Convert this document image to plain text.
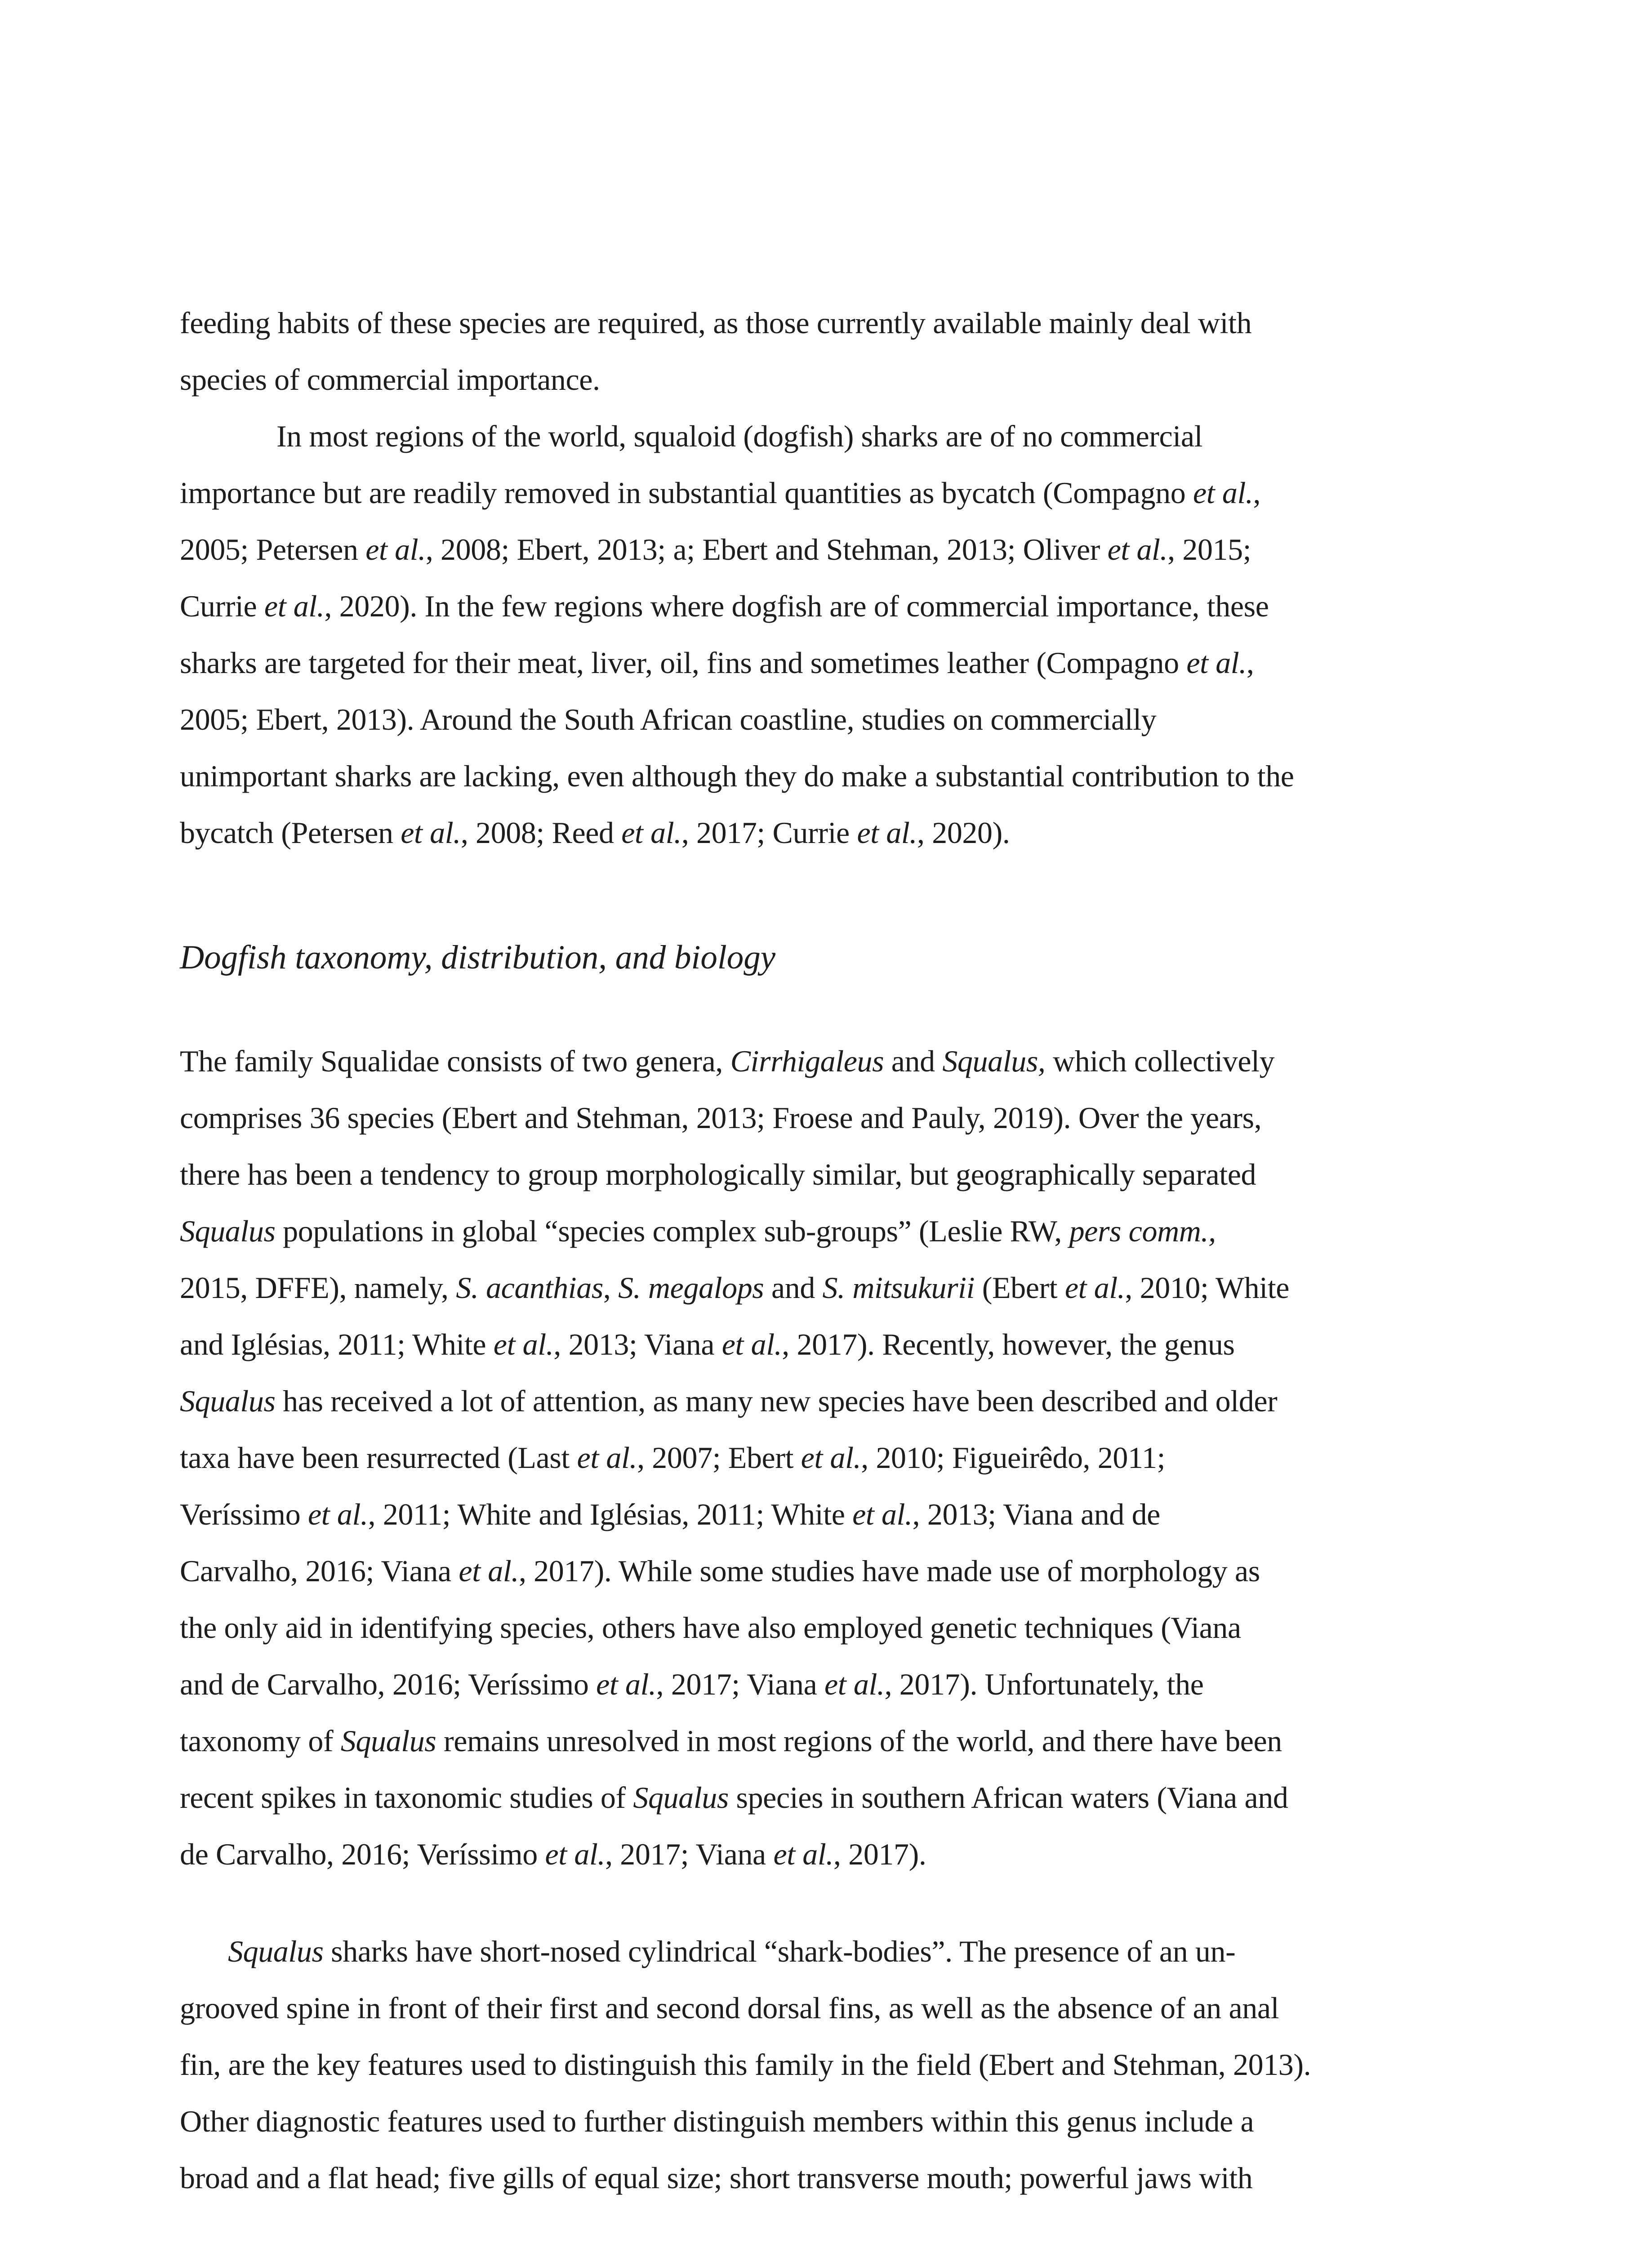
feeding habits of these species are required, as those currently available mainly deal with
species of commercial importance.

In most regions of the world, squaloid (dogfish) sharks are of no commercial
importance but are readily removed in substantial quantities as bycatch (Compagno et al.,
2005; Petersen et al., 2008; Ebert, 2013; a; Ebert and Stehman, 2013; Oliver et al., 2015;
Currie et al., 2020). In the few regions where dogfish are of commercial importance, these
sharks are targeted for their meat, liver, oil, fins and sometimes leather (Compagno et al.,
2005; Ebert, 2013). Around the South African coastline, studies on commercially
unimportant sharks are lacking, even although they do make a substantial contribution to the
bycatch (Petersen et al., 2008; Reed et al., 2017; Currie et al., 2020).

Dogfish taxonomy, distribution, and biology

The family Squalidae consists of two genera, Cirrhigaleus and Squalus, which collectively
comprises 36 species (Ebert and Stehman, 2013; Froese and Pauly, 2019). Over the years,
there has been a tendency to group morphologically similar, but geographically separated
Squalus populations in global “species complex sub-groups” (Leslie RW, pers comm.,
2015, DFFE), namely, S. acanthias, S. megalops and S. mitsukurii (Ebert et al., 2010; White
and Iglésias, 2011; White et al., 2013; Viana et al., 2017). Recently, however, the genus
Squalus has received a lot of attention, as many new species have been described and older
taxa have been resurrected (Last et al., 2007; Ebert et al., 2010; Figueirêdo, 2011;
Veríssimo et al., 2011; White and Iglésias, 2011; White et al., 2013; Viana and de
Carvalho, 2016; Viana et al., 2017). While some studies have made use of morphology as
the only aid in identifying species, others have also employed genetic techniques (Viana
and de Carvalho, 2016; Veríssimo et al., 2017; Viana et al., 2017). Unfortunately, the
taxonomy of Squalus remains unresolved in most regions of the world, and there have been
recent spikes in taxonomic studies of Squalus species in southern African waters (Viana and
de Carvalho, 2016; Veríssimo et al., 2017; Viana et al., 2017).

Squalus sharks have short-nosed cylindrical “shark-bodies”. The presence of an un-
grooved spine in front of their first and second dorsal fins, as well as the absence of an anal
fin, are the key features used to distinguish this family in the field (Ebert and Stehman, 2013).
Other diagnostic features used to further distinguish members within this genus include a
broad and a flat head; five gills of equal size; short transverse mouth; powerful jaws with
